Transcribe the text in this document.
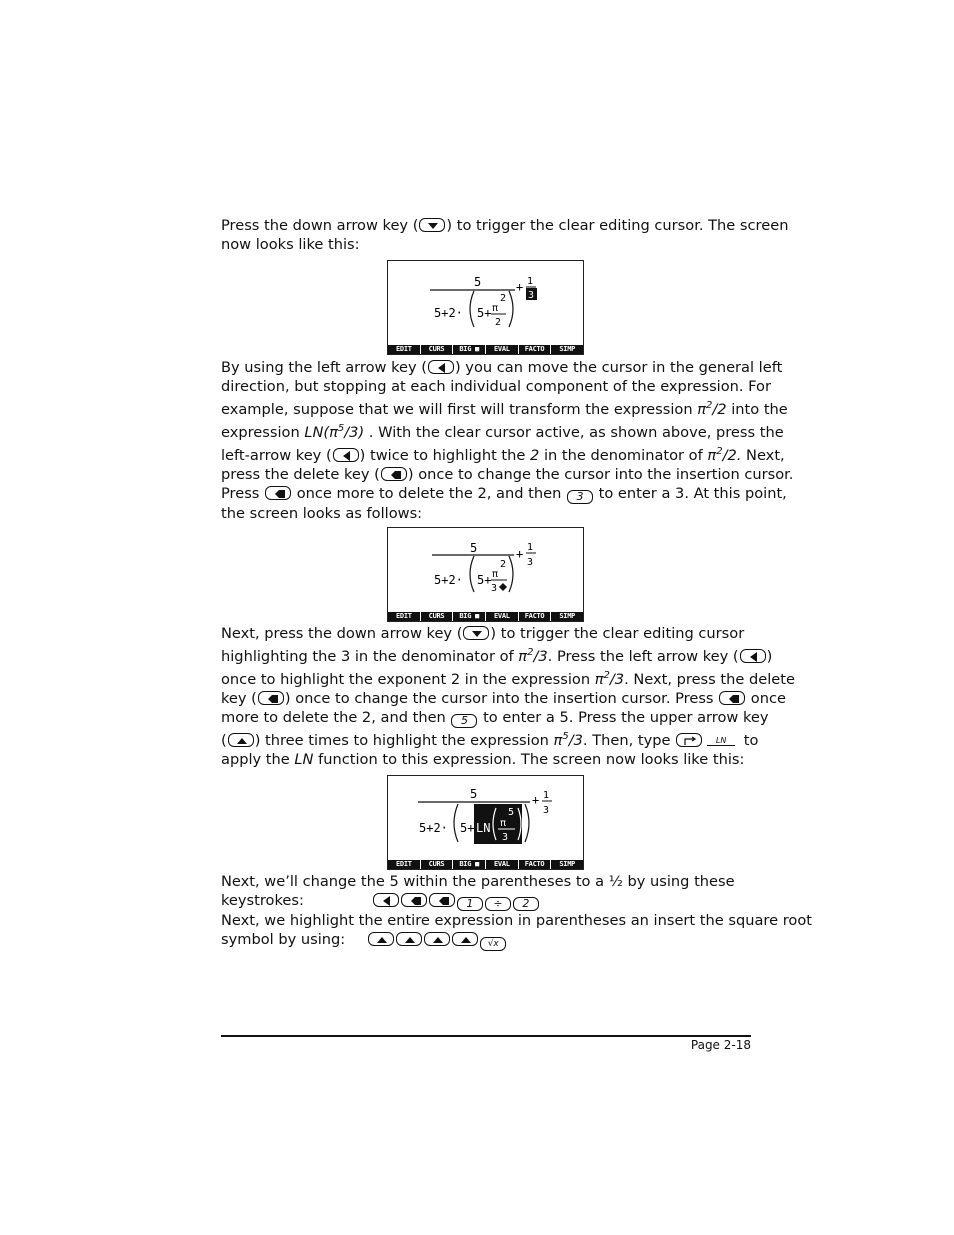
Press the down arrow key ( ) to trigger the clear editing cursor. The screen
now looks like this:
5	+ 1
3
5+2· 5+ π
2
2
EDIT	CURS	BIG ■	EVAL	FACTO	SIMP
By using the left arrow key ( ) you can move the cursor in the general left
direction, but stopping at each individual component of the expression. For
example, suppose that we will first will transform the expression $\pi^2/2$ into the
expression $LN(\pi^5/3)$ . With the clear cursor active, as shown above, press the
left-arrow key ( ) twice to highlight the 2 in the denominator of $\pi^2/2$. Next,
press the delete key ( ) once to change the cursor into the insertion cursor.
Press
once more to delete the 2, and then 3 to enter a 3. At this point,
the screen looks as follows:
5	+ 1
3
5+2· 5+ π
2
3
EDIT	CURS	BIG ■	EVAL	FACTO	SIMP
Next, press the down arrow key ( ) to trigger the clear editing cursor
highlighting the 3 in the denominator of $\pi^2/3$. Press the left arrow key ( )
once to highlight the exponent 2 in the expression $\pi^2/3$. Next, press the delete
key ( ) once to change the cursor into the insertion cursor. Press
once
more to delete the 2, and then 5 to enter a 5. Press the upper arrow key
( ) three times to highlight the expression $\pi^5/3$. Then, type	LN to
apply the LN function to this expression. The screen now looks like this:
5	+ 1
3
5+2· 5+ LN
5
π
3
EDIT	CURS	BIG ■	EVAL	FACTO	SIMP
Next, we’ll change the 5 within the parentheses to a ½ by using these
keystrokes:	1 ÷ 2
Next, we highlight the entire expression in parentheses an insert the square root
symbol by using:	√x
Page 2-18
